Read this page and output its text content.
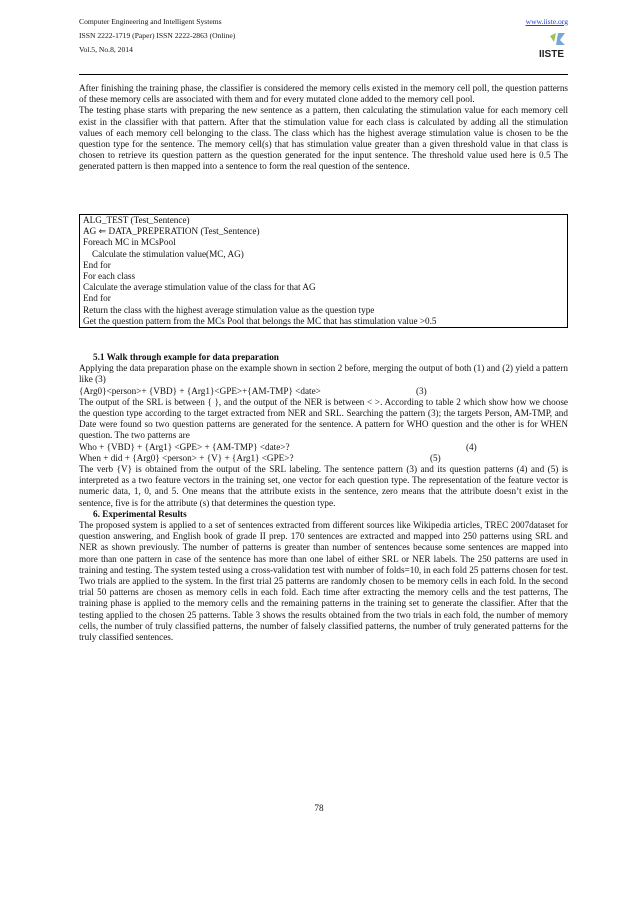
Computer Engineering and Intelligent Systems
ISSN 2222-1719 (Paper) ISSN 2222-2863 (Online)
Vol.5, No.8, 2014
www.iiste.org
IISTE

After finishing the training phase, the classifier is considered the memory cells existed in the memory cell poll, the question patterns of these memory cells are associated with them and for every mutated clone added to the memory cell pool.

The testing phase starts with preparing the new sentence as a pattern, then calculating the stimulation value for each memory cell exist in the classifier with that pattern. After that the stimulation value for each class is calculated by adding all the stimulation values of each memory cell belonging to the class. The class which has the highest average stimulation value is chosen to be the question type for the sentence. The memory cell(s) that has stimulation value greater than a given threshold value in that class is chosen to retrieve its question pattern as the question generated for the input sentence. The threshold value used here is 0.5 The generated pattern is then mapped into a sentence to form the real question of the sentence.

ALG_TEST (Test_Sentence)
AG ⇐ DATA_PREPERATION (Test_Sentence)
Foreach MC in MCsPool
Calculate the stimulation value(MC, AG)
End for
For each class
Calculate the average stimulation value of the class for that AG
End for
Return the class with the highest average stimulation value as the question type
Get the question pattern from the MCs Pool that belongs the MC that has stimulation value >0.5

5.1 Walk through example for data preparation

Applying the data preparation phase on the example shown in section 2 before, merging the output of both (1) and (2) yield a pattern like (3)

{Arg0}<person>+ {VBD} + {Arg1}<GPE>+{AM-TMP} <date>	(3)

The output of the SRL is between { }, and the output of the NER is between < >. According to table 2 which show how we choose the question type according to the target extracted from NER and SRL. Searching the pattern (3); the targets Person, AM-TMP, and Date were found so two question patterns are generated for the sentence. A pattern for WHO question and the other is for WHEN question. The two patterns are

Who + {VBD} + {Arg1} <GPE> + {AM-TMP} <date>?	(4)
When + did + {Arg0} <person> + {V} + {Arg1} <GPE>?	(5)

The verb {V} is obtained from the output of the SRL labeling. The sentence pattern (3) and its question patterns (4) and (5) is interpreted as a two feature vectors in the training set, one vector for each question type. The representation of the feature vector is numeric data, 1, 0, and 5. One means that the attribute exists in the sentence, zero means that the attribute doesn’t exist in the sentence, five is for the attribute (s) that determines the question type.

6. Experimental Results

The proposed system is applied to a set of sentences extracted from different sources like Wikipedia articles, TREC 2007dataset for question answering, and English book of grade II prep. 170 sentences are extracted and mapped into 250 patterns using SRL and NER as shown previously. The number of patterns is greater than number of sentences because some sentences are mapped into more than one pattern in case of the sentence has more than one label of either SRL or NER labels. The 250 patterns are used in training and testing. The system tested using a cross-validation test with number of folds=10, in each fold 25 patterns chosen for test. Two trials are applied to the system. In the first trial 25 patterns are randomly chosen to be memory cells in each fold. In the second trial 50 patterns are chosen as memory cells in each fold. Each time after extracting the memory cells and the test patterns, The training phase is applied to the memory cells and the remaining patterns in the training set to generate the classifier. After that the testing applied to the chosen 25 patterns. Table 3 shows the results obtained from the two trials in each fold, the number of memory cells, the number of truly classified patterns, the number of falsely classified patterns, the number of truly generated patterns for the truly classified sentences.

78
